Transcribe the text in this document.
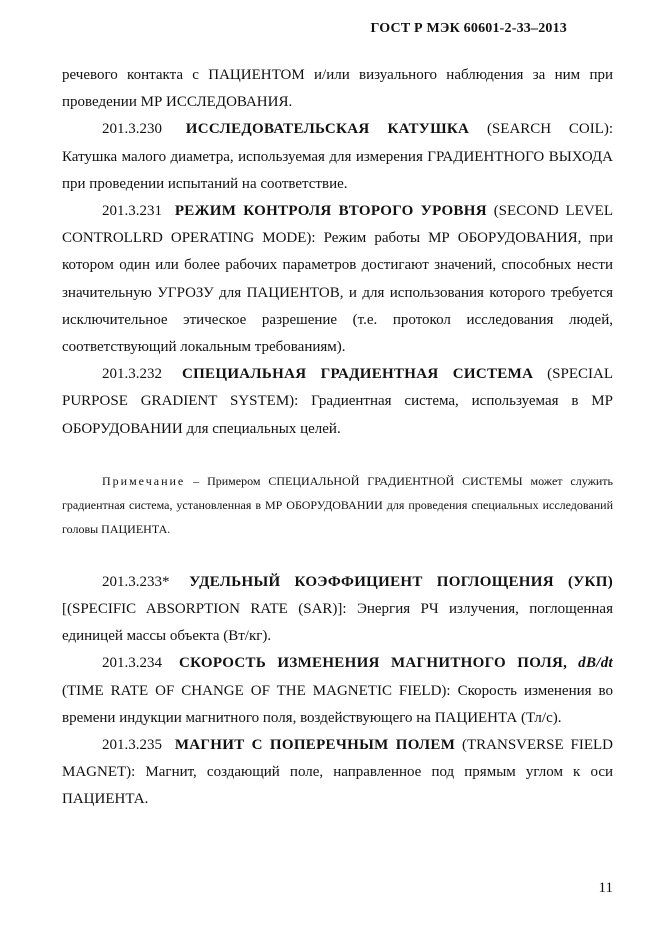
ГОСТ Р МЭК 60601-2-33–2013

речевого контакта с ПАЦИЕНТОМ и/или визуального наблюдения за ним при проведении МР ИССЛЕДОВАНИЯ.

201.3.230 ИССЛЕДОВАТЕЛЬСКАЯ КАТУШКА (SEARCH COIL): Катушка малого диаметра, используемая для измерения ГРАДИЕНТНОГО ВЫХОДА при проведении испытаний на соответствие.

201.3.231 РЕЖИМ КОНТРОЛЯ ВТОРОГО УРОВНЯ (SECOND LEVEL CONTROLLRD OPERATING MODE): Режим работы МР ОБОРУДОВАНИЯ, при котором один или более рабочих параметров достигают значений, способных нести значительную УГРОЗУ для ПАЦИЕНТОВ, и для использования которого требуется исключительное этическое разрешение (т.е. протокол исследования людей, соответствующий локальным требованиям).

201.3.232 СПЕЦИАЛЬНАЯ ГРАДИЕНТНАЯ СИСТЕМА (SPECIAL PURPOSE GRADIENT SYSTEM): Градиентная система, используемая в МР ОБОРУДОВАНИИ для специальных целей.

Примечание – Примером СПЕЦИАЛЬНОЙ ГРАДИЕНТНОЙ СИСТЕМЫ может служить градиентная система, установленная в МР ОБОРУДОВАНИИ для проведения специальных исследований головы ПАЦИЕНТА.

201.3.233* УДЕЛЬНЫЙ КОЭФФИЦИЕНТ ПОГЛОЩЕНИЯ (УКП) [(SPECIFIC ABSORPTION RATE (SAR)]: Энергия РЧ излучения, поглощенная единицей массы объекта (Вт/кг).

201.3.234 СКОРОСТЬ ИЗМЕНЕНИЯ МАГНИТНОГО ПОЛЯ, dB/dt (TIME RATE OF CHANGE OF THE MAGNETIC FIELD): Скорость изменения во времени индукции магнитного поля, воздействующего на ПАЦИЕНТА (Тл/с).

201.3.235 МАГНИТ С ПОПЕРЕЧНЫМ ПОЛЕМ (TRANSVERSE FIELD MAGNET): Магнит, создающий поле, направленное под прямым углом к оси ПАЦИЕНТА.

11
